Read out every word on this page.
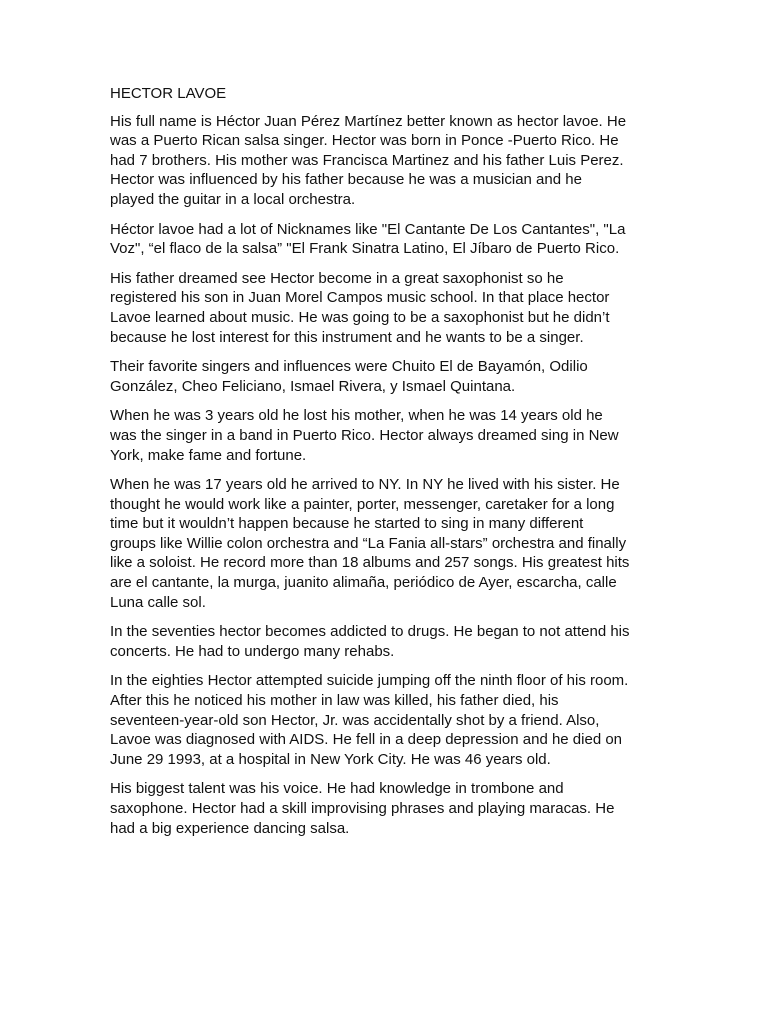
HECTOR LAVOE

His full name is Héctor Juan Pérez Martínez better known as hector lavoe. He was a Puerto Rican salsa singer. Hector was born in Ponce -Puerto Rico. He had 7 brothers. His mother was Francisca Martinez and his father Luis Perez. Hector was influenced by his father because he was a musician and he played the guitar in a local orchestra.

Héctor lavoe had a lot of Nicknames like "El Cantante De Los Cantantes", "La Voz", “el flaco de la salsa” "El Frank Sinatra Latino, El Jíbaro de Puerto Rico.

His father dreamed see Hector become in a great saxophonist so he registered his son in Juan Morel Campos music school. In that place hector Lavoe learned about music. He was going to be a saxophonist but he didn’t because he lost interest for this instrument and he wants to be a singer.

Their favorite singers and influences were Chuito El de Bayamón, Odilio González, Cheo Feliciano, Ismael Rivera, y Ismael Quintana.

When he was 3 years old he lost his mother, when he was 14 years old he was the singer in a band in Puerto Rico. Hector always dreamed sing in New York, make fame and fortune.

When he was 17 years old he arrived to NY. In NY he lived with his sister. He thought he would work like a painter, porter, messenger, caretaker for a long time but it wouldn’t happen because he started to sing in many different groups like Willie colon orchestra and “La Fania all-stars” orchestra and finally like a soloist. He record more than 18 albums and 257 songs. His greatest hits are el cantante, la murga, juanito alimaña, periódico de Ayer, escarcha, calle Luna calle sol.

In the seventies hector becomes addicted to drugs. He began to not attend his concerts. He had to undergo many rehabs.

In the eighties Hector attempted suicide jumping off the ninth floor of his room. After this he noticed his mother in law was killed, his father died, his seventeen-year-old son Hector, Jr. was accidentally shot by a friend. Also, Lavoe was diagnosed with AIDS. He fell in a deep depression and he died on June 29 1993, at a hospital in New York City. He was 46 years old.

His biggest talent was his voice. He had knowledge in trombone and saxophone. Hector had a skill improvising phrases and playing maracas. He had a big experience dancing salsa.
